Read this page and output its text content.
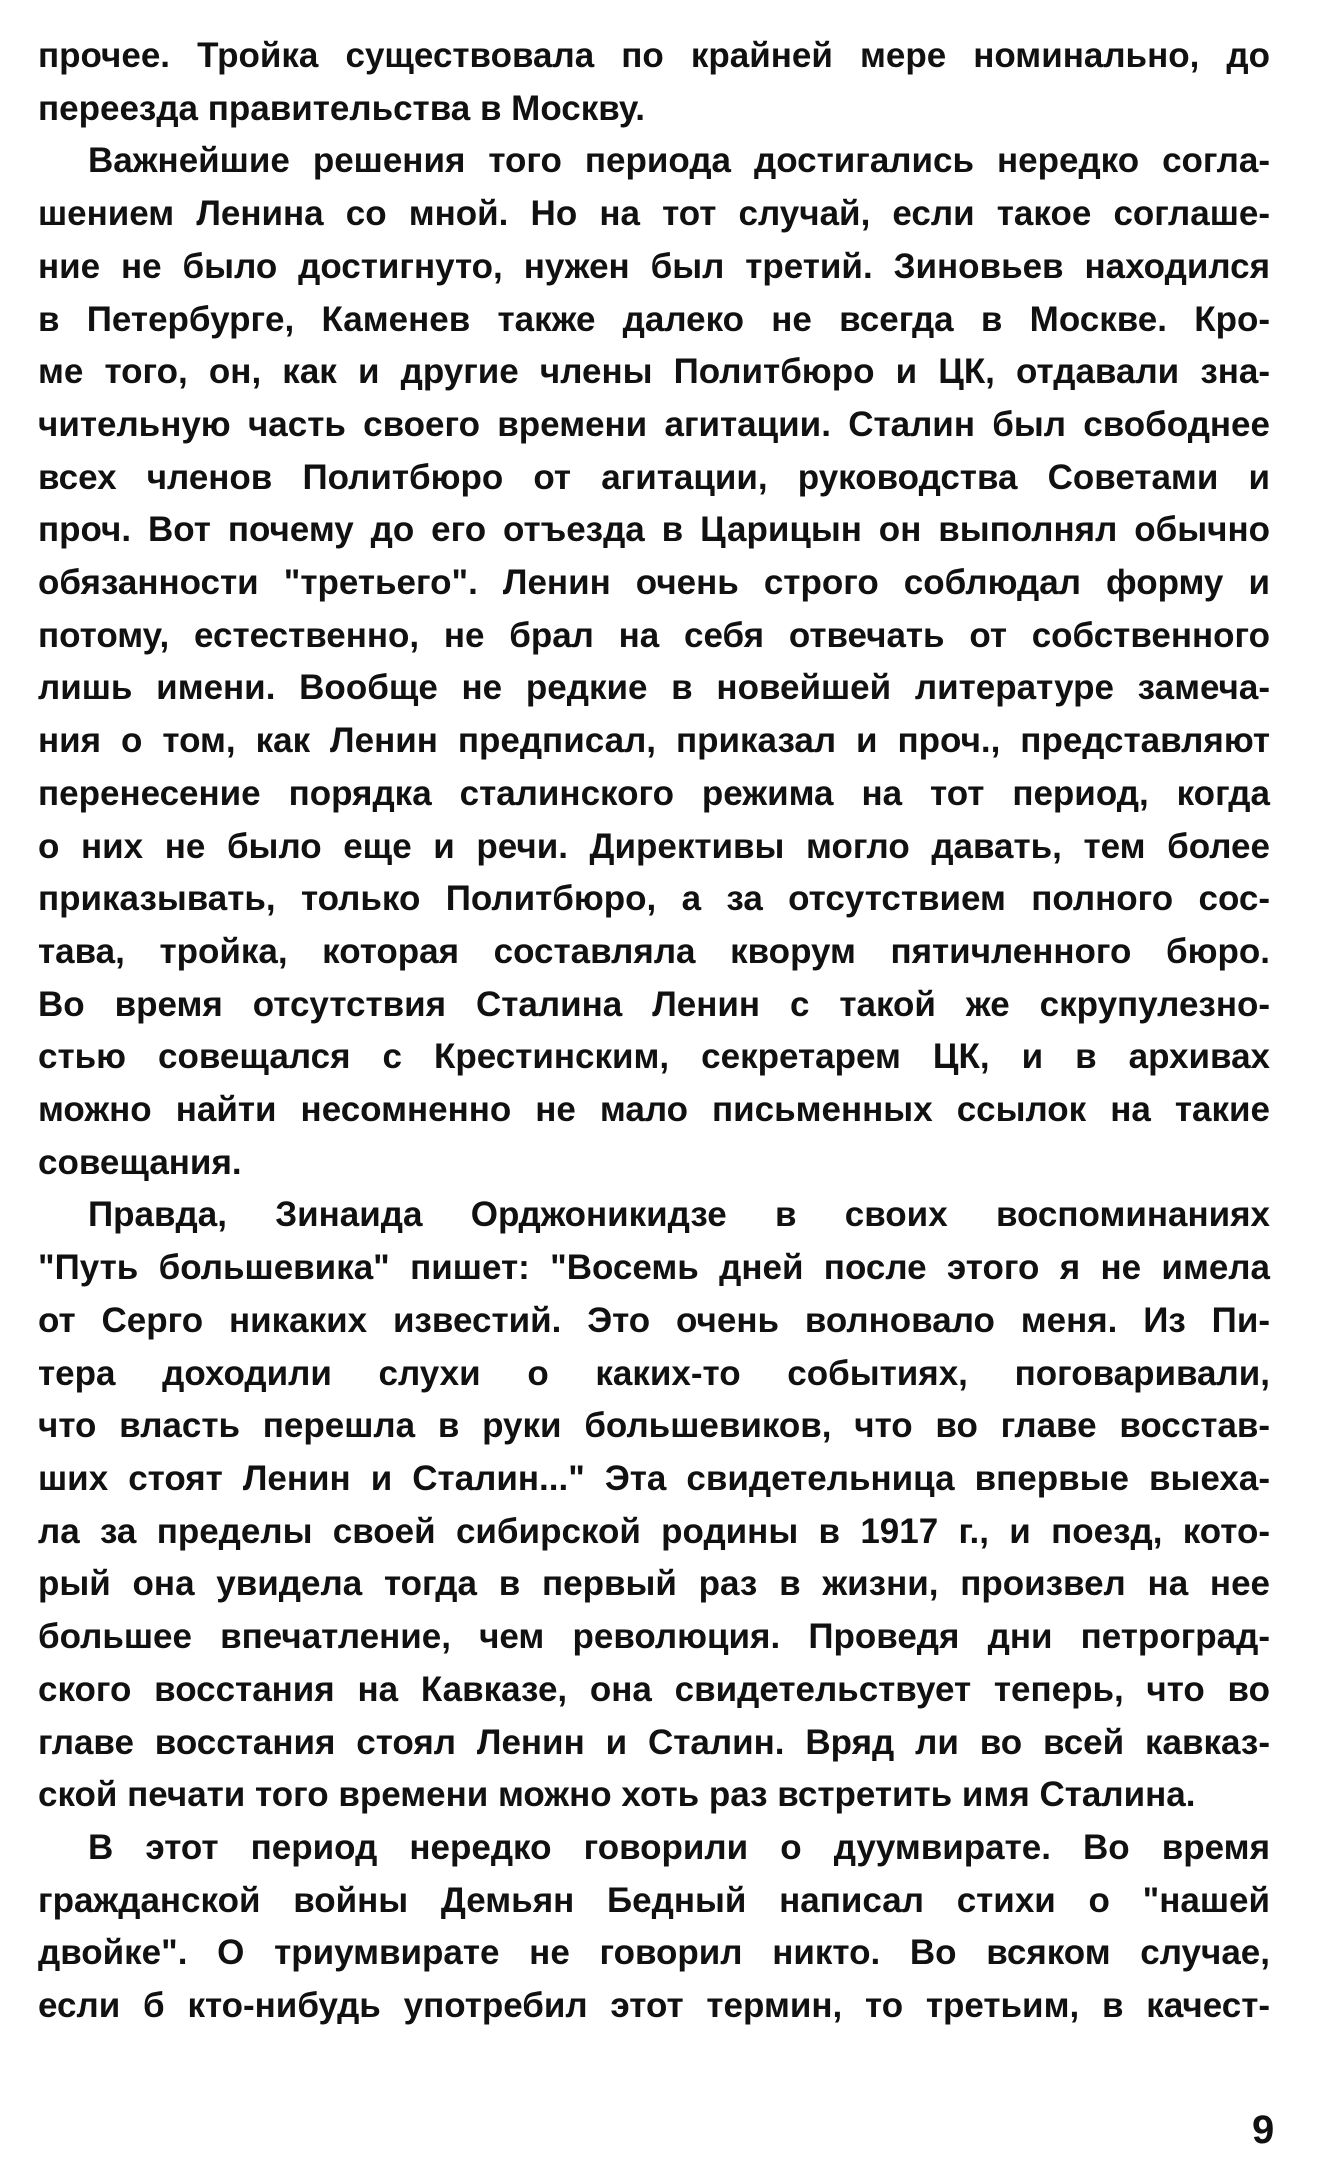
прочее. Тройка существовала по крайней мере номинально, до
переезда правительства в Москву.
Важнейшие решения того периода достигались нередко согла-
шением Ленина со мной. Но на тот случай, если такое соглаше-
ние не было достигнуто, нужен был третий. Зиновьев находился
в Петербурге, Каменев также далеко не всегда в Москве. Кро-
ме того, он, как и другие члены Политбюро и ЦК, отдавали зна-
чительную часть своего времени агитации. Сталин был свободнее
всех членов Политбюро от агитации, руководства Советами и
проч. Вот почему до его отъезда в Царицын он выполнял обычно
обязанности "третьего". Ленин очень строго соблюдал форму и
потому, естественно, не брал на себя отвечать от собственного
лишь имени. Вообще не редкие в новейшей литературе замеча-
ния о том, как Ленин предписал, приказал и проч., представляют
перенесение порядка сталинского режима на тот период, когда
о них не было еще и речи. Директивы могло давать, тем более
приказывать, только Политбюро, а за отсутствием полного сос-
тава, тройка, которая составляла кворум пятичленного бюро.
Во время отсутствия Сталина Ленин с такой же скрупулезно-
стью совещался с Крестинским, секретарем ЦК, и в архивах
можно найти несомненно не мало письменных ссылок на такие
совещания.
Правда, Зинаида Орджоникидзе в своих воспоминаниях
"Путь большевика" пишет: "Восемь дней после этого я не имела
от Серго никаких известий. Это очень волновало меня. Из Пи-
тера доходили слухи о каких-то событиях, поговаривали,
что власть перешла в руки большевиков, что во главе восстав-
ших стоят Ленин и Сталин..." Эта свидетельница впервые выеха-
ла за пределы своей сибирской родины в 1917 г., и поезд, кото-
рый она увидела тогда в первый раз в жизни, произвел на нее
большее впечатление, чем революция. Проведя дни петроград-
ского восстания на Кавказе, она свидетельствует теперь, что во
главе восстания стоял Ленин и Сталин. Вряд ли во всей кавказ-
ской печати того времени можно хоть раз встретить имя Сталина.
В этот период нередко говорили о дуумвирате. Во время
гражданской войны Демьян Бедный написал стихи о "нашей
двойке". О триумвирате не говорил никто. Во всяком случае,
если б кто-нибудь употребил этот термин, то третьим, в качест-
9
